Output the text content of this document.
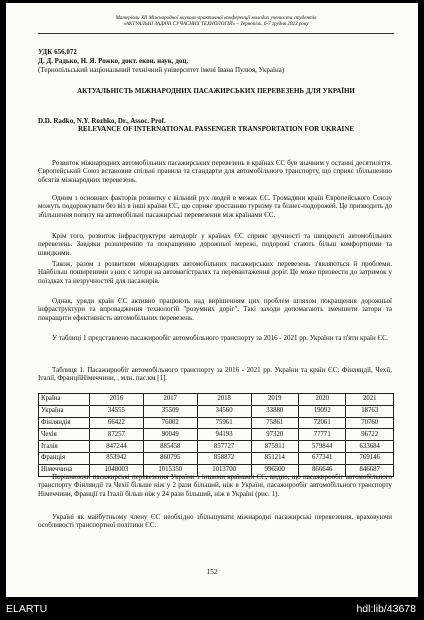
Матеріали XII Міжнародної науково-практичної конференції молодих учених та студентів
«АКТУАЛЬНІ ЗАДАЧІ СУЧАСНИХ ТЕХНОЛОГІЙ» – Тернопіль, 6-7 грудня 2023 року
УДК 656.072
Д. Д. Радько, Н. Я. Рожко, докт. екон. наук, доц.
(Тернопільський національний технічний університет імені Івана Пулюя, Україна)
АКТУАЛЬНІСТЬ МІЖНАРОДНИХ ПАСАЖИРСЬКИХ ПЕРЕВЕЗЕНЬ ДЛЯ УКРАЇНИ
D.D. Radko, N.Y. Rozhko, Dr., Assoc. Prof.
RELEVANCE OF INTERNATIONAL PASSENGER TRANSPORTATION FOR UKRAINE
Розвиток міжнародних автомобільних пасажирських перевезень в країнах ЄС був значним у останні десятиліття. Європейський Союз встановив спільні правила та стандарти для автомобільного транспорту, що сприяє збільшенню обсягів міжнародних перевезень.
Одним з основних факторів розвитку є вільний рух людей в межах ЄС. Громадяни країн Європейського Союзу можуть подорожувати без віз в інші країни ЄС, що сприяє зростанню туризму та бізнес-подорожей. Це призводить до збільшення попиту на автомобільні пасажирські перевезення між країнами ЄС.
Крім того, розвиток інфраструктури автодоріг у країнах ЄС сприяє зручності та швидкості автомобільних перевезень. Завдяки розширенню та покращенню дорожньої мережі, подорожі стають більш комфортними та швидкими.
Також, разом з розвитком міжнародних автомобільних пасажирських перевезень з'являються й проблеми. Найбільш поширеними з них є затори на автомагістралях та перевантаження доріг. Це може призвести до затримок у поїздках та незручностей для пасажирів.
Однак, уряди країн ЄС активно працюють над вирішенням цих проблем шляхом покращення дорожньої інфраструктури та впровадження технологій "розумних доріг". Такі заходи допомагають зменшити затори та покращити ефективність автомобільних перевезень.
У таблиці 1 представлено пасажирообіг автомобільного транспорту за 2016 - 2021 рр. України та п'яти країн ЄС.
Таблиця 1. Пасажирообіг автомобільного транспорту за 2016 - 2021 рр. України та країн ЄС: Фінляндії, Чехії, Італії, ФранціїНімеччини, , млн. пас.км [1].
Країна	2016	2017	2018	2019	2020	2021
Україна	34555	35509	34560	33880	19092	18763
Фінляндія	66422	76002	75961	75861	72061	70760
Чехія	87257	90049	94193	97320	77771	96722
Італія	847244	885458	857727	875911	579844	633684
Франція	853942	860795	858872	851214	677341	769146
Німеччина	1048003	1015350	1013700	996500	866646	846687
Порівнюючи пасажирські перевезення України з іншими країнами ЄС, видно, що пасажирообіг автомобільного транспорту Фінляндії та Чехії більше ніж у 2 рази більший, ніж в Україні, пасажирообіг автомобільного транспорту Німеччини, Франції та Італії більш ніж у 24 рази більший, ніж в Україні (рис. 1).
Україні як майбутньому члену ЄС необхідно збільшувати міжнародні пасажирські перевезення, враховуючи особливості транспортної політики ЄС.
152
ELARTU	hdl:lib/43678
